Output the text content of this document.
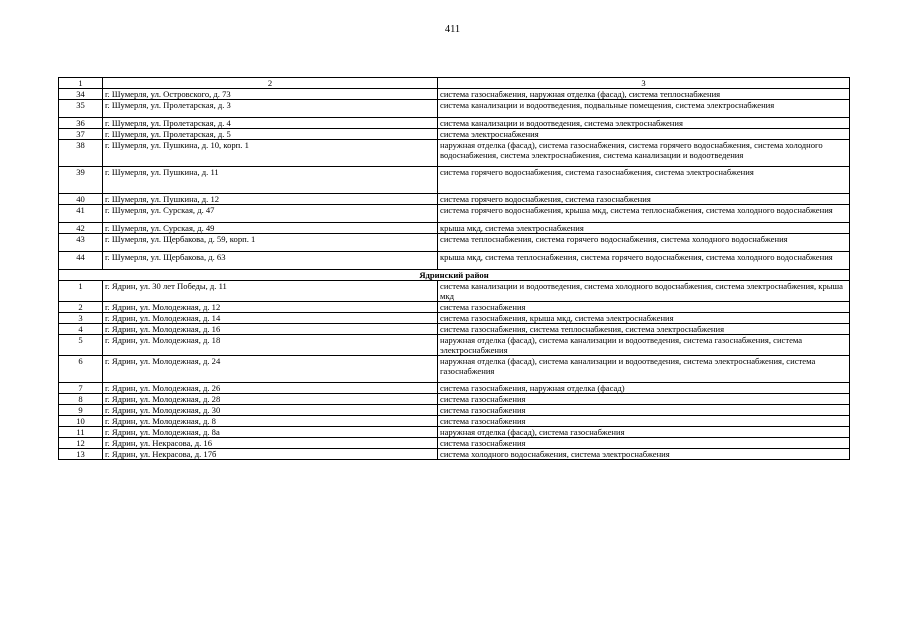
411
1	2	3
34	г. Шумерля, ул. Островского, д. 73	система газоснабжения, наружная отделка (фасад), система теплоснабжения
35	г. Шумерля, ул. Пролетарская, д. 3	система канализации и водоотведения, подвальные помещения, система электроснабжения
36	г. Шумерля, ул. Пролетарская, д. 4	система канализации и водоотведения, система электроснабжения
37	г. Шумерля, ул. Пролетарская, д. 5	система электроснабжения
38	г. Шумерля, ул. Пушкина, д. 10, корп. 1	наружная отделка (фасад), система газоснабжения, система горячего водоснабжения, система холодного водоснабжения, система электроснабжения, система канализации и водоотведения
39	г. Шумерля, ул. Пушкина, д. 11	система горячего водоснабжения, система газоснабжения, система электроснабжения
40	г. Шумерля, ул. Пушкина, д. 12	система горячего водоснабжения, система газоснабжения
41	г. Шумерля, ул. Сурская, д. 47	система горячего водоснабжения, крыша мкд, система теплоснабжения, система холодного водоснабжения
42	г. Шумерля, ул. Сурская, д. 49	крыша мкд, система электроснабжения
43	г. Шумерля, ул. Щербакова, д. 59, корп. 1	система теплоснабжения, система горячего водоснабжения, система холодного водоснабжения
44	г. Шумерля, ул. Щербакова, д. 63	крыша мкд, система теплоснабжения, система горячего водоснабжения, система холодного водоснабжения
Ядринский район		
1	г. Ядрин, ул. 30 лет Победы, д. 11	система канализации и водоотведения, система холодного водоснабжения, система электроснабжения, крыша мкд
2	г. Ядрин, ул. Молодежная, д. 12	система газоснабжения
3	г. Ядрин, ул. Молодежная, д. 14	система газоснабжения, крыша мкд, система электроснабжения
4	г. Ядрин, ул. Молодежная, д. 16	система газоснабжения, система теплоснабжения, система электроснабжения
5	г. Ядрин, ул. Молодежная, д. 18	наружная отделка (фасад), система канализации и водоотведения, система газоснабжения, система электроснабжения
6	г. Ядрин, ул. Молодежная, д. 24	наружная отделка (фасад), система канализации и водоотведения, система электроснабжения, система газоснабжения
7	г. Ядрин, ул. Молодежная, д. 26	система газоснабжения, наружная отделка (фасад)
8	г. Ядрин, ул. Молодежная, д. 28	система газоснабжения
9	г. Ядрин, ул. Молодежная, д. 30	система газоснабжения
10	г. Ядрин, ул. Молодежная, д. 8	система газоснабжения
11	г. Ядрин, ул. Молодежная, д. 8а	наружная отделка (фасад), система газоснабжения
12	г. Ядрин, ул. Некрасова, д. 16	система газоснабжения
13	г. Ядрин, ул. Некрасова, д. 17б	система холодного водоснабжения, система электроснабжения
